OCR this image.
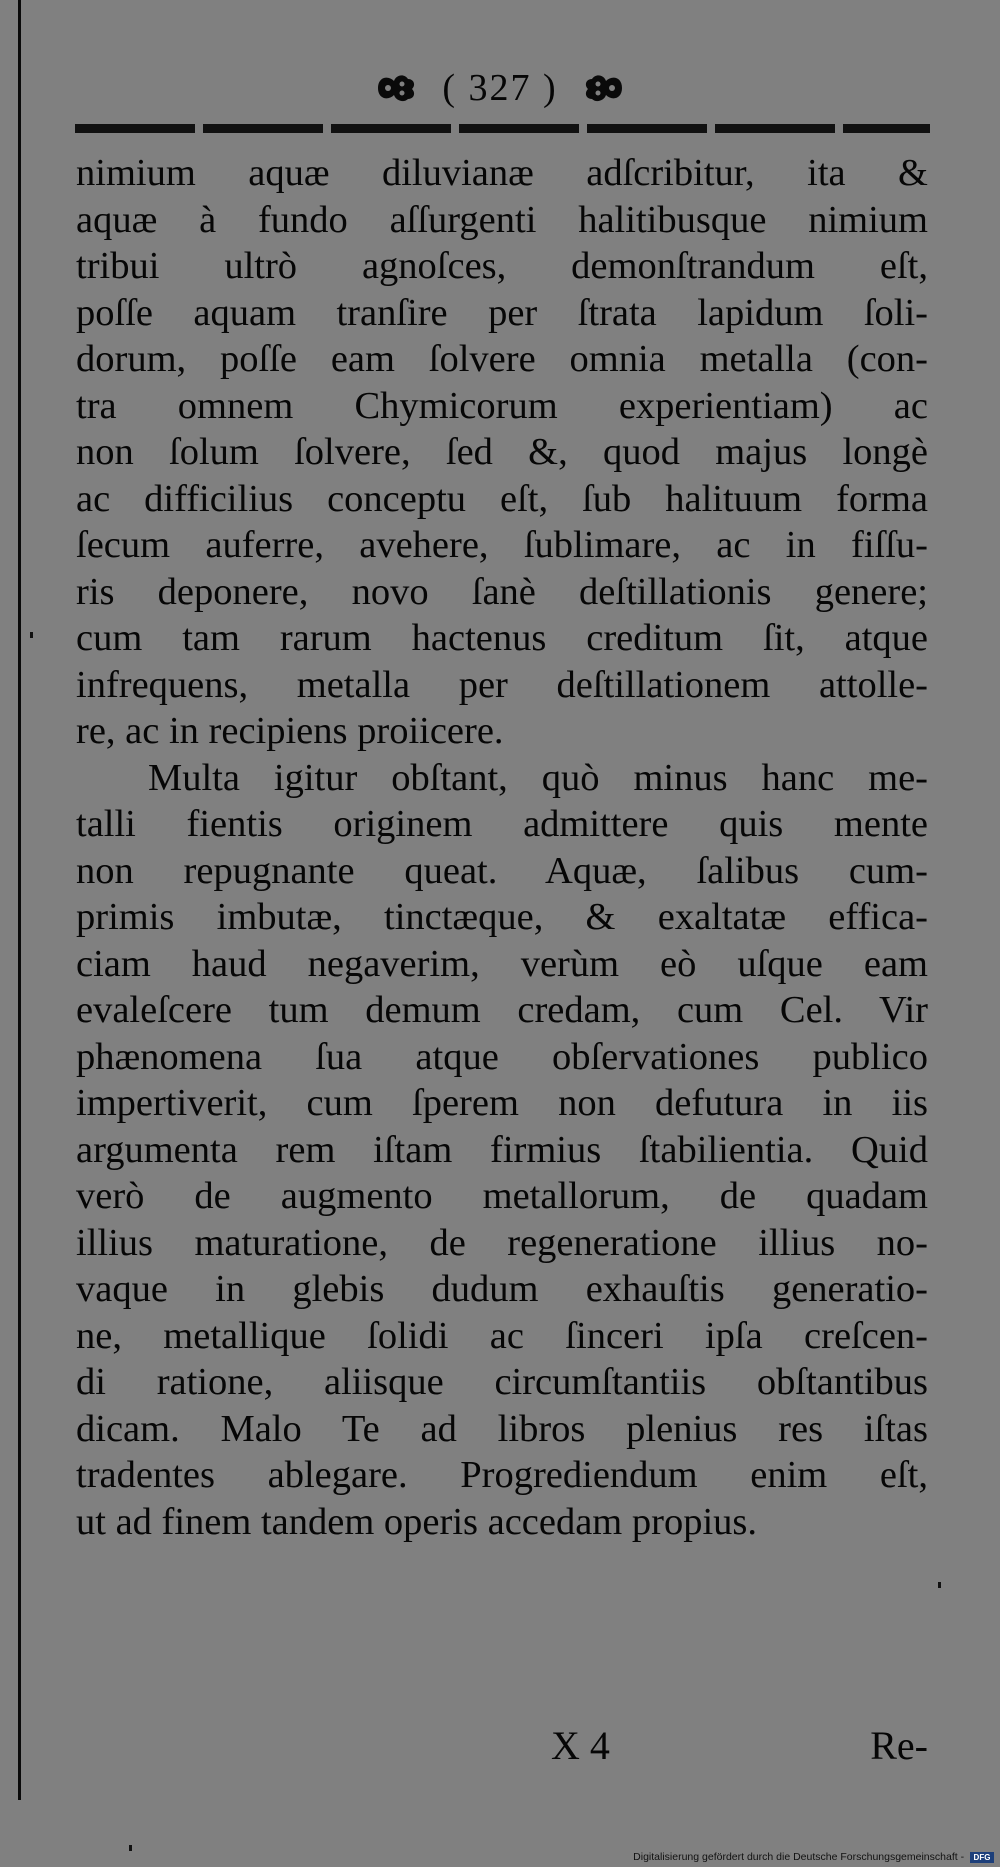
( 327 )
nimium aquæ diluvianæ adſcribitur, ita &
aquæ à fundo aſſurgenti halitibusque nimium
tribui ultrò agnoſces, demonſtrandum eſt,
poſſe aquam tranſire per ſtrata lapidum ſoli-
dorum, poſſe eam ſolvere omnia metalla (con-
tra omnem Chymicorum experientiam) ac
non ſolum ſolvere, ſed &, quod majus longè
ac difficilius conceptu eſt, ſub halituum forma
ſecum auferre, avehere, ſublimare, ac in fiſſu-
ris deponere, novo ſanè deſtillationis genere;
cum tam rarum hactenus creditum ſit, atque
infrequens, metalla per deſtillationem attolle-
re, ac in recipiens proiicere.
Multa igitur obſtant, quò minus hanc me-
talli fientis originem admittere quis mente
non repugnante queat. Aquæ, ſalibus cum-
primis imbutæ, tinctæque, & exaltatæ effica-
ciam haud negaverim, verùm eò uſque eam
evaleſcere tum demum credam, cum Cel. Vir
phænomena ſua atque obſervationes publico
impertiverit, cum ſperem non defutura in iis
argumenta rem iſtam firmius ſtabilientia. Quid
verò de augmento metallorum, de quadam
illius maturatione, de regeneratione illius no-
vaque in glebis dudum exhauſtis generatio-
ne, metallique ſolidi ac ſinceri ipſa creſcen-
di ratione, aliisque circumſtantiis obſtantibus
dicam. Malo Te ad libros plenius res iſtas
tradentes ablegare. Progrediendum enim eſt,
ut ad finem tandem operis accedam propius.
X 4	Re-
Digitalisierung gefördert durch die Deutsche Forschungsgemeinschaft - DFG
